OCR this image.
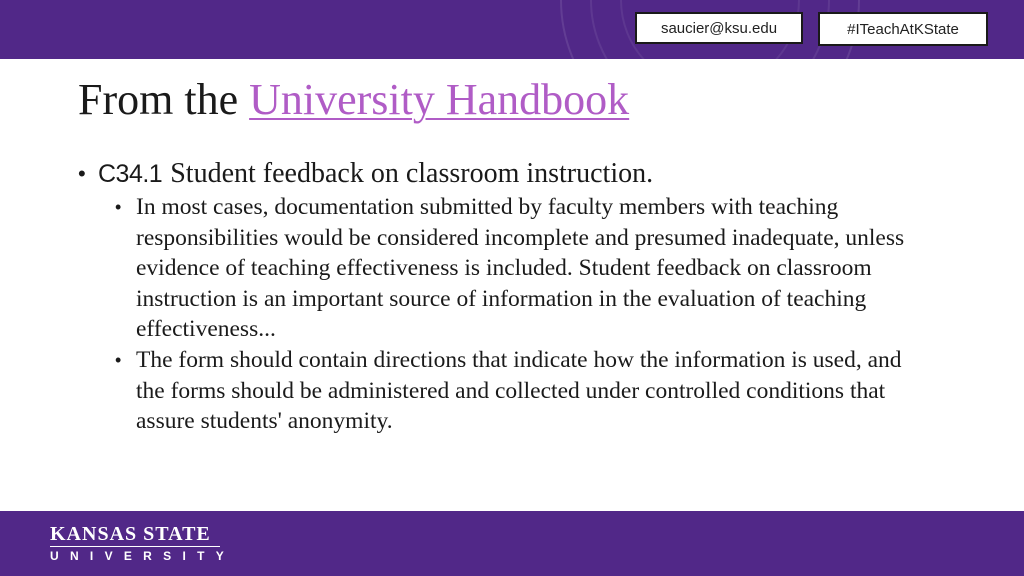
saucier@ksu.edu	#ITeachAtKState
From the University Handbook
• C34.1 Student feedback on classroom instruction.
• In most cases, documentation submitted by faculty members with teaching responsibilities would be considered incomplete and presumed inadequate, unless evidence of teaching effectiveness is included. Student feedback on classroom instruction is an important source of information in the evaluation of teaching effectiveness...
• The form should contain directions that indicate how the information is used, and the forms should be administered and collected under controlled conditions that assure students' anonymity.
KANSAS STATE
UNIVERSITY
